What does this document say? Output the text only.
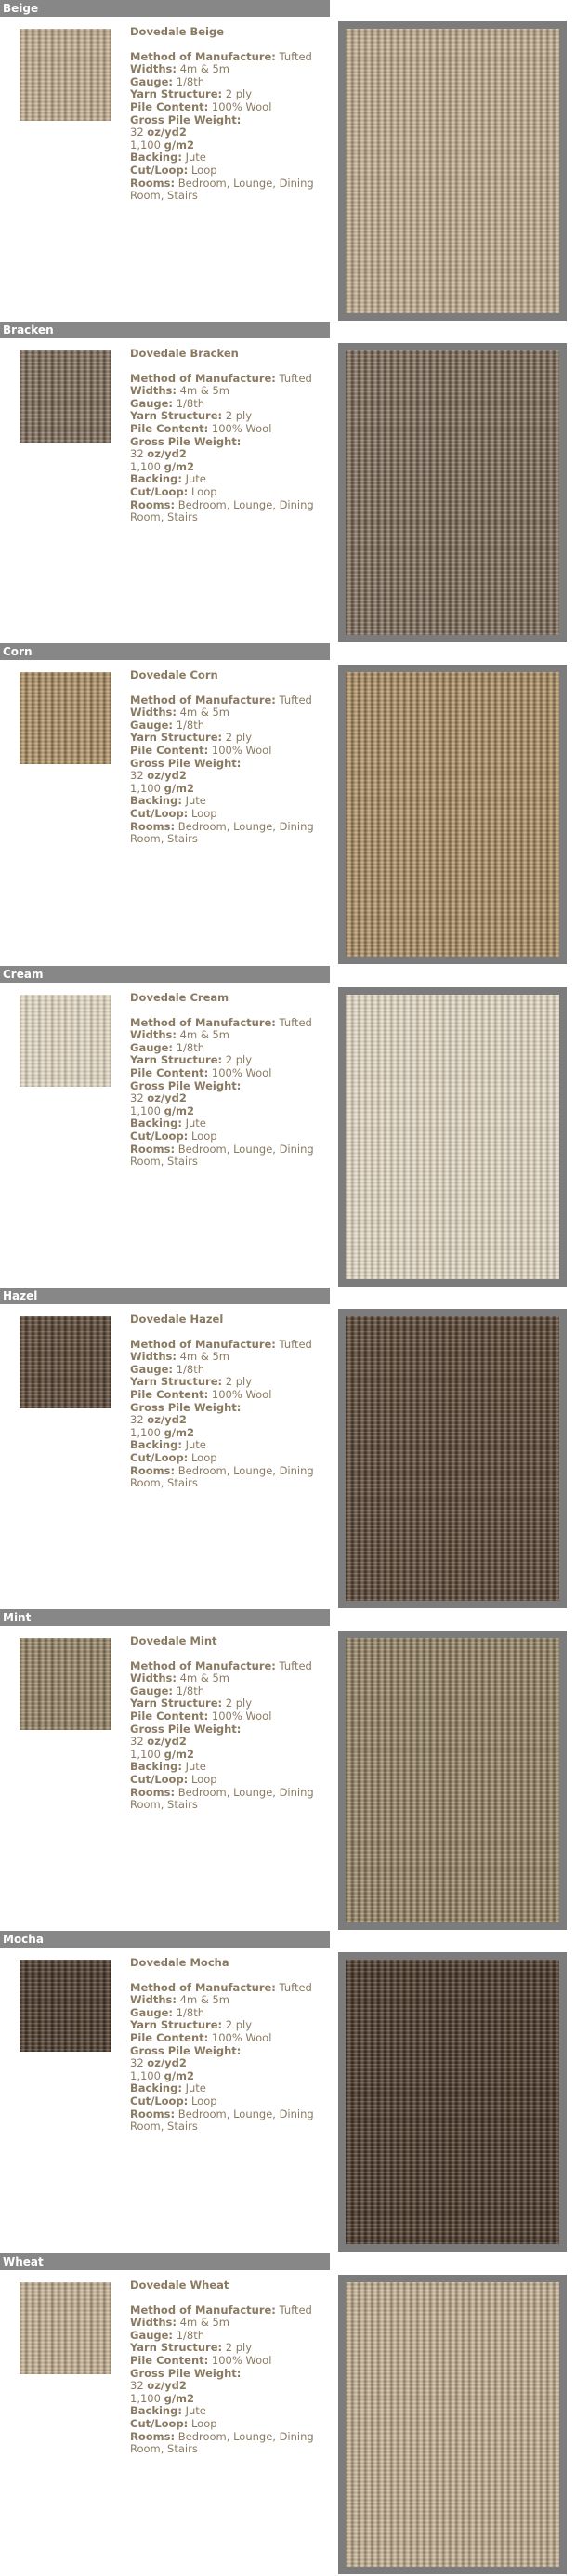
Beige
Dovedale Beige
Method of Manufacture: Tufted
Widths: 4m & 5m
Gauge: 1/8th
Yarn Structure: 2 ply
Pile Content: 100% Wool
Gross Pile Weight:
32 oz/yd2
1,100 g/m2
Backing: Jute
Cut/Loop: Loop
Rooms: Bedroom, Lounge, Dining Room, Stairs
Bracken
Dovedale Bracken
Method of Manufacture: Tufted
Widths: 4m & 5m
Gauge: 1/8th
Yarn Structure: 2 ply
Pile Content: 100% Wool
Gross Pile Weight:
32 oz/yd2
1,100 g/m2
Backing: Jute
Cut/Loop: Loop
Rooms: Bedroom, Lounge, Dining Room, Stairs
Corn
Dovedale Corn
Method of Manufacture: Tufted
Widths: 4m & 5m
Gauge: 1/8th
Yarn Structure: 2 ply
Pile Content: 100% Wool
Gross Pile Weight:
32 oz/yd2
1,100 g/m2
Backing: Jute
Cut/Loop: Loop
Rooms: Bedroom, Lounge, Dining Room, Stairs
Cream
Dovedale Cream
Method of Manufacture: Tufted
Widths: 4m & 5m
Gauge: 1/8th
Yarn Structure: 2 ply
Pile Content: 100% Wool
Gross Pile Weight:
32 oz/yd2
1,100 g/m2
Backing: Jute
Cut/Loop: Loop
Rooms: Bedroom, Lounge, Dining Room, Stairs
Hazel
Dovedale Hazel
Method of Manufacture: Tufted
Widths: 4m & 5m
Gauge: 1/8th
Yarn Structure: 2 ply
Pile Content: 100% Wool
Gross Pile Weight:
32 oz/yd2
1,100 g/m2
Backing: Jute
Cut/Loop: Loop
Rooms: Bedroom, Lounge, Dining Room, Stairs
Mint
Dovedale Mint
Method of Manufacture: Tufted
Widths: 4m & 5m
Gauge: 1/8th
Yarn Structure: 2 ply
Pile Content: 100% Wool
Gross Pile Weight:
32 oz/yd2
1,100 g/m2
Backing: Jute
Cut/Loop: Loop
Rooms: Bedroom, Lounge, Dining Room, Stairs
Mocha
Dovedale Mocha
Method of Manufacture: Tufted
Widths: 4m & 5m
Gauge: 1/8th
Yarn Structure: 2 ply
Pile Content: 100% Wool
Gross Pile Weight:
32 oz/yd2
1,100 g/m2
Backing: Jute
Cut/Loop: Loop
Rooms: Bedroom, Lounge, Dining Room, Stairs
Wheat
Dovedale Wheat
Method of Manufacture: Tufted
Widths: 4m & 5m
Gauge: 1/8th
Yarn Structure: 2 ply
Pile Content: 100% Wool
Gross Pile Weight:
32 oz/yd2
1,100 g/m2
Backing: Jute
Cut/Loop: Loop
Rooms: Bedroom, Lounge, Dining Room, Stairs
